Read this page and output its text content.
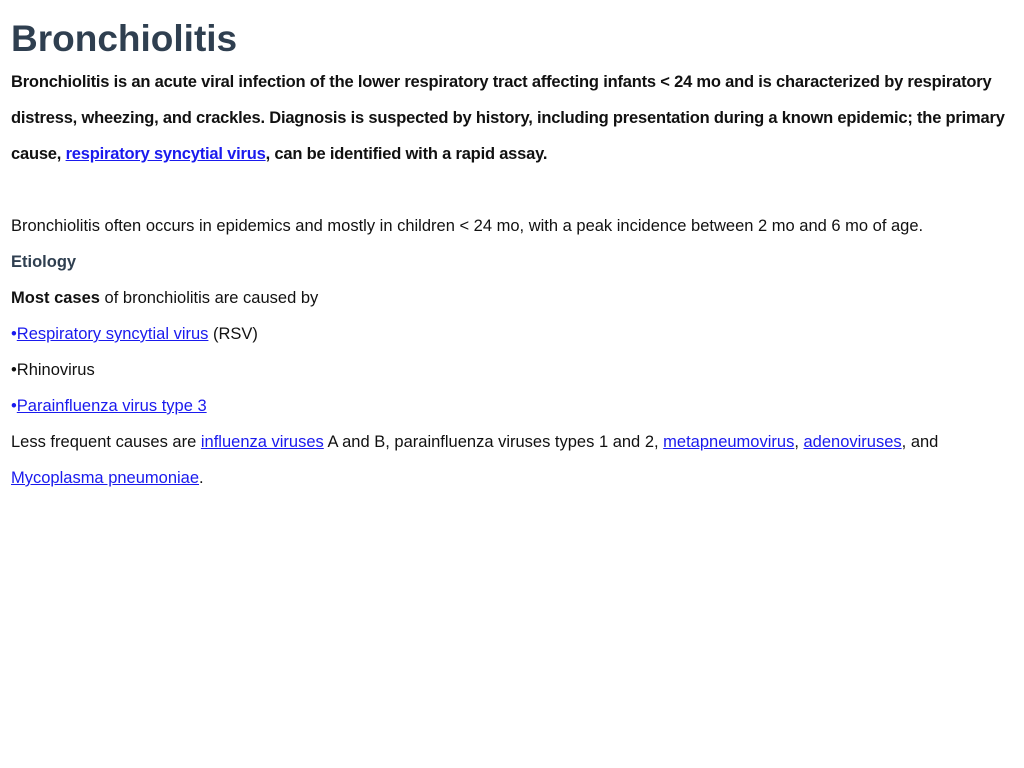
Bronchiolitis

Bronchiolitis is an acute viral infection of the lower respiratory tract affecting infants < 24 mo and is characterized by respiratory distress, wheezing, and crackles. Diagnosis is suspected by history, including presentation during a known epidemic; the primary cause, respiratory syncytial virus, can be identified with a rapid assay.

Bronchiolitis often occurs in epidemics and mostly in children < 24 mo, with a peak incidence between 2 mo and 6 mo of age.

Etiology

Most cases of bronchiolitis are caused by

•Respiratory syncytial virus (RSV)

•Rhinovirus

•Parainfluenza virus type 3

Less frequent causes are influenza viruses A and B, parainfluenza viruses types 1 and 2, metapneumovirus, adenoviruses, and Mycoplasma pneumoniae.
